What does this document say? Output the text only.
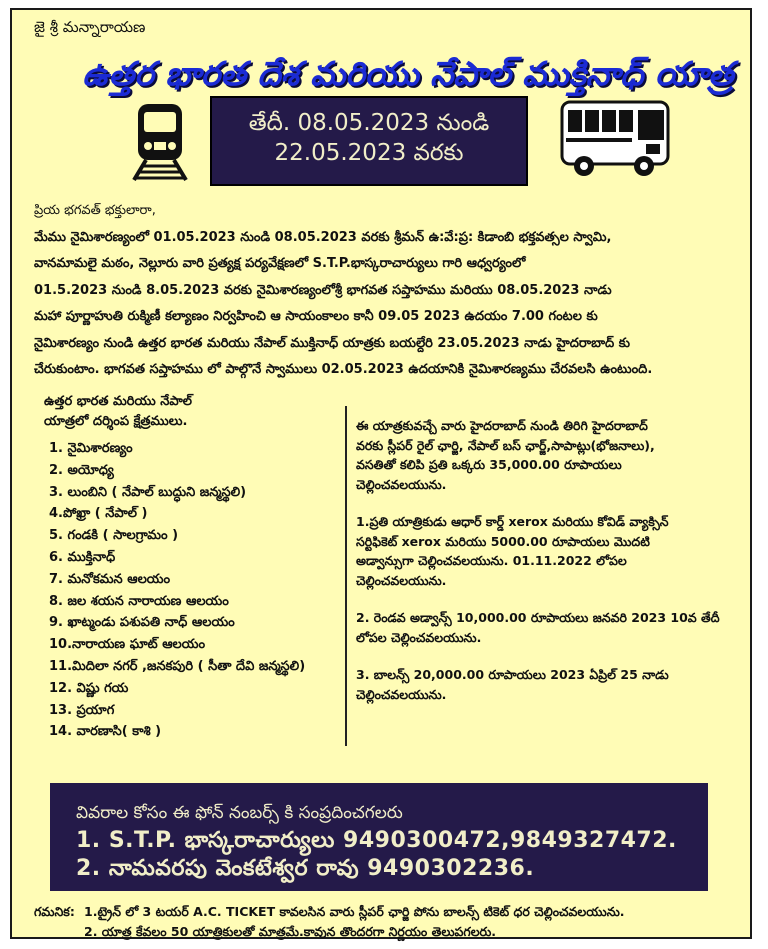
జై శ్రీ మన్నారాయణ
ఉత్తర భారత దేశ మరియు నేపాల్ ముక్తినాధ్ యాత్ర
తేదీ. 08.05.2023 నుండి
22.05.2023 వరకు
ప్రియ భగవత్ భక్తులారా,
మేము నైమిశారణ్యంలో 01.05.2023 నుండి 08.05.2023 వరకు శ్రీమన్ ఉ:వే:ప్ర: కిడాంబి భక్తవత్సల స్వామి,
వానమామలై మఠం, నెల్లూరు వారి ప్రత్యక్ష పర్యవేక్షణలో S.T.P.భాస్కరాచార్యులు గారి ఆధ్వర్యంలో
01.5.2023 నుండి 8.05.2023 వరకు నైమిశారణ్యంలోశ్రీ భాగవత సప్తాహము మరియు 08.05.2023 నాడు
మహా పూర్ణాహుతి రుక్మిణీ కల్యాణం నిర్వహించి ఆ సాయంకాలం కానీ 09.05 2023 ఉదయం 7.00 గంటల కు
నైమిశారణ్యం నుండి ఉత్తర భారత మరియు నేపాల్ ముక్తినాధ్ యాత్రకు బయల్దేరి 23.05.2023 నాడు హైదరాబాద్ కు
చేరుకుంటాం. భాగవత సప్తాహము లో పాల్గొనే స్వాములు 02.05.2023 ఉదయానికి నైమిశారణ్యము చేరవలసి ఉంటుంది.
ఉత్తర భారత మరియు నేపాల్
యాత్రలో దర్శింప క్షేత్రములు.
1. నైమిశారణ్యం
2. అయోధ్య
3. లుంబిని ( నేపాల్ బుద్ధుని జన్మస్థలి)
4.పోఖ్రా ( నేపాల్ )
5. గండకి ( సాలగ్రామం )
6. ముక్తినాధ్
7. మనోకమన ఆలయం
8. జల శయన నారాయణ ఆలయం
9. ఖాట్మండు పశుపతి నాధ్ ఆలయం
10.నారాయణ ఘాట్ ఆలయం
11.మిదిలా నగర్ ,జనకపురి ( సీతా దేవి జన్మస్థలి)
12. విష్ణు గయ
13. ప్రయాగ
14. వారణాసి( కాశి )
ఈ యాత్రకువచ్చే వారు హైదరాబాద్ నుండి తిరిగి హైదరాబాద్
వరకు స్లీపర్ రైల్ ఛార్జి, నేపాల్ బస్ ఛార్జ్,సాపాట్లు(భోజనాలు),
వసతితో కలిపి ప్రతి ఒక్కరు 35,000.00 రూపాయలు
చెల్లించవలయును.
1.ప్రతి యాత్రికుడు ఆధార్ కార్డ్ xerox మరియు కోవిడ్ వ్యాక్సిన్
సర్టిఫికెట్ xerox మరియు 5000.00 రూపాయలు మొదటి
అడ్వాన్సుగా చెల్లించవలయును. 01.11.2022 లోపల
చెల్లించవలయును.
2. రెండవ అడ్వాన్స్ 10,000.00 రూపాయలు జనవరి 2023 10వ తేదీ
లోపల చెల్లించవలయును.
3. బాలన్స్ 20,000.00 రూపాయలు 2023 ఏప్రిల్ 25 నాడు
చెల్లించవలయును.
వివరాల కోసం ఈ ఫోన్ నంబర్స్ కి సంప్రదించగలరు
1. S.T.P. భాస్కరాచార్యులు 9490300472,9849327472.
2. నామవరపు వెంకటేశ్వర రావు 9490302236.
గమనిక: 1.ట్రైన్ లో 3 టయర్ A.C. TICKET కావలసిన వారు స్లీపర్ ఛార్జి పోను బాలన్స్ టికెట్ ధర చెల్లించవలయును.
2. యాత్ర కేవలం 50 యాత్రికులతో మాత్రమే.కావున తొందరగా నిర్ణయం తెలుపగలరు.
